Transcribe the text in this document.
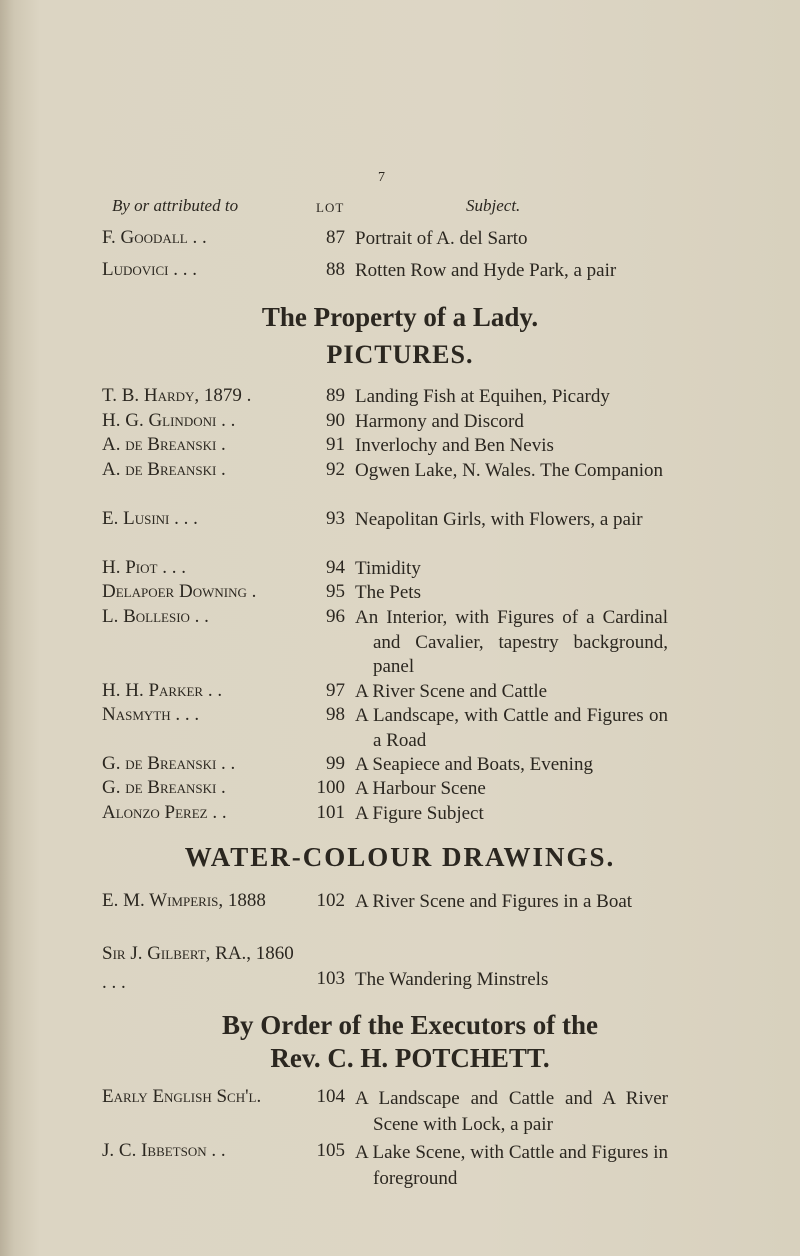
7
By or attributed to	LOT	Subject.
The Property of a Lady.
PICTURES.
WATER-COLOUR DRAWINGS.
By Order of the Executors of the
Rev. C. H. POTCHETT.
F. Goodall . .	87 Portrait of A. del Sarto
Ludovici . . .	88 Rotten Row and Hyde Park, a pair
T. B. Hardy, 1879 .	89 Landing Fish at Equihen, Picardy
H. G. Glindoni . .	90 Harmony and Discord
A. de Breanski .	91 Inverlochy and Ben Nevis
A. de Breanski .	92 Ogwen Lake, N. Wales. The Companion
E. Lusini . . .	93 Neapolitan Girls, with Flowers, a pair
H. Piot . . .	94 Timidity
Delapoer Downing .	95 The Pets
L. Bollesio . .	96 An Interior, with Figures of a Cardinal and Cavalier, tapestry background, panel
H. H. Parker . .	97 A River Scene and Cattle
Nasmyth . . .	98 A Landscape, with Cattle and Figures on a Road
G. de Breanski . .	99 A Seapiece and Boats, Evening
G. de Breanski .	100 A Harbour Scene
Alonzo Perez . .	101 A Figure Subject
E. M. Wimperis, 1888	102 A River Scene and Figures in a Boat
Sir J. Gilbert, RA., 1860 . . .	103 The Wandering Minstrels
Early English Sch'l.	104 A Landscape and Cattle and A River Scene with Lock, a pair
J. C. Ibbetson . .	105 A Lake Scene, with Cattle and Figures in foreground
